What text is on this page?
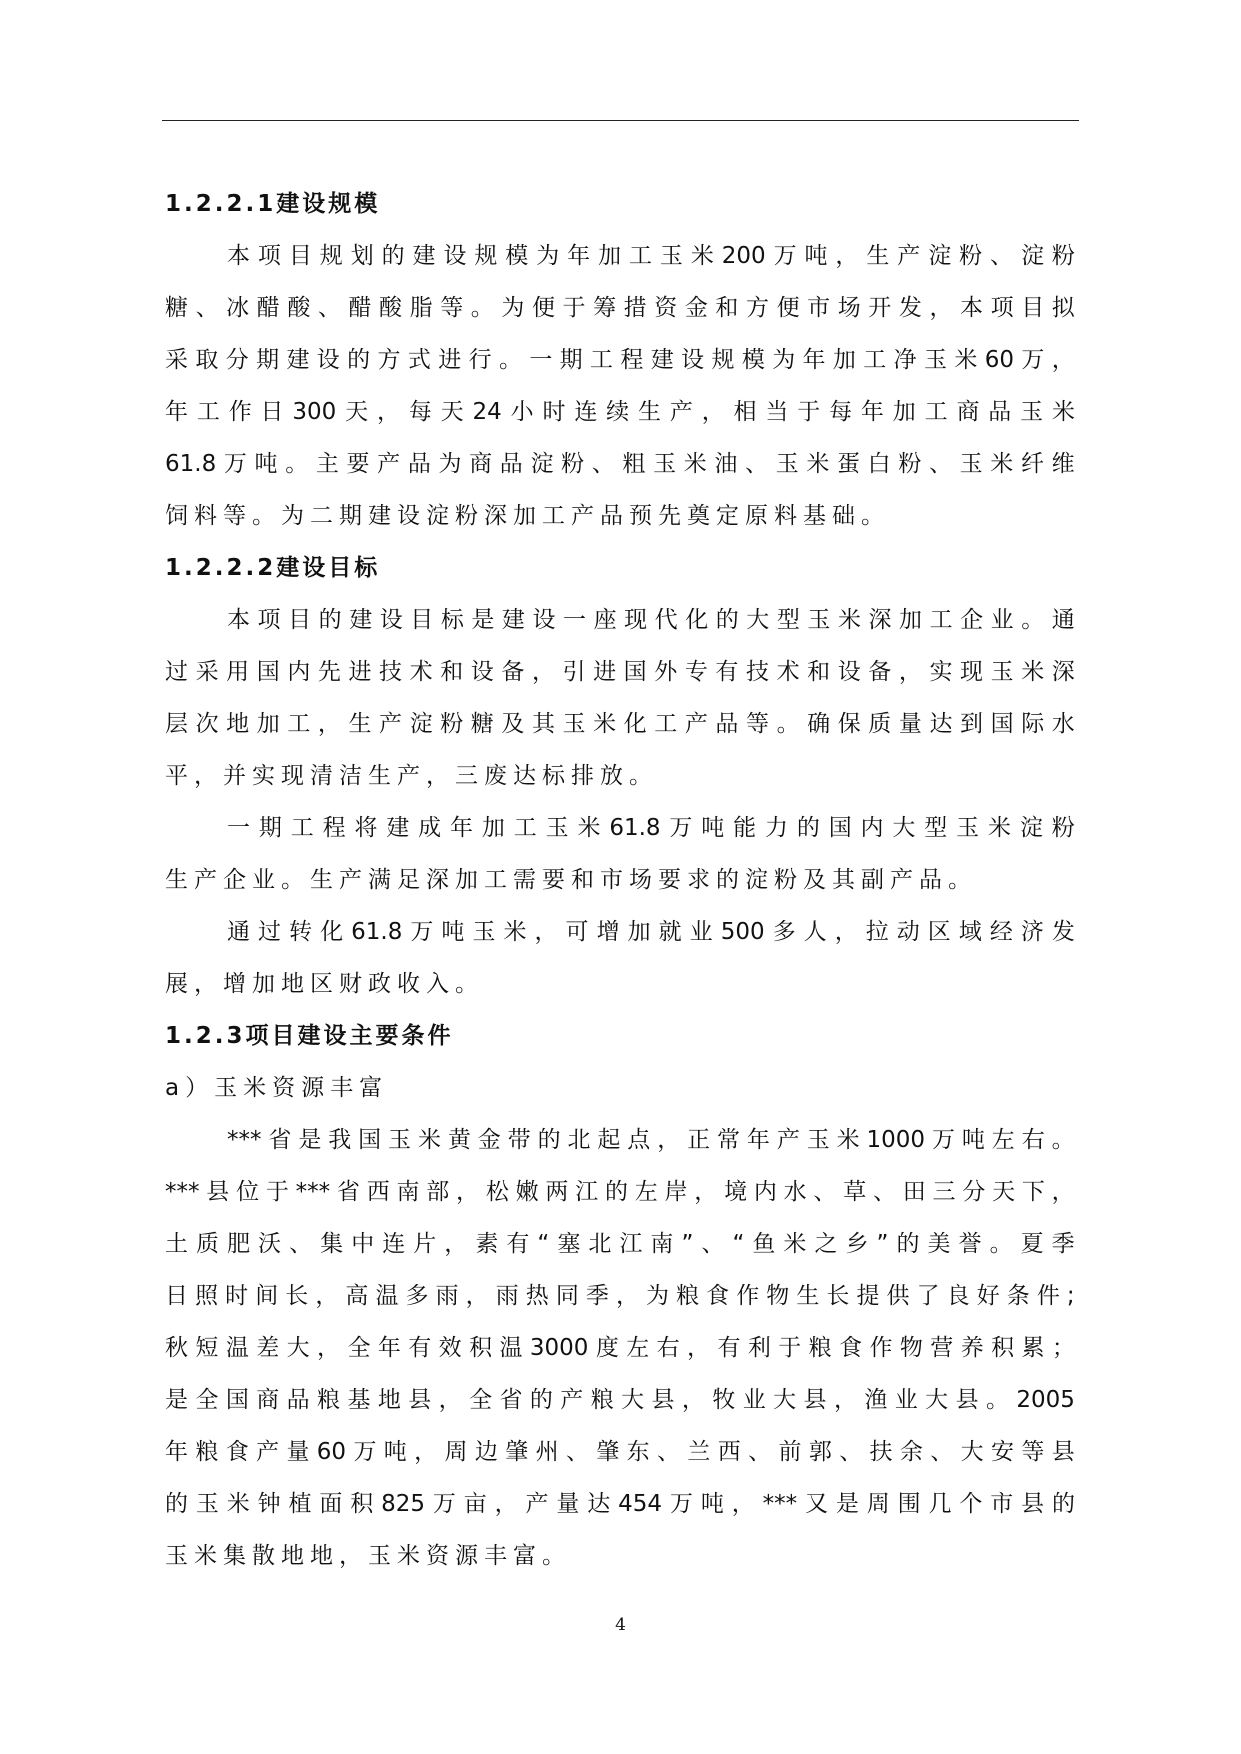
1.2.2.1建设规模
本 项 目 规 划 的 建 设 规 模 为 年 加 工 玉 米 200 万 吨 ， 生 产 淀 粉 、 淀 粉
糖 、 冰 醋 酸 、 醋 酸 脂 等 。 为 便 于 筹 措 资 金 和 方 便 市 场 开 发 ， 本 项 目 拟
采 取 分 期 建 设 的 方 式 进 行 。 一 期 工 程 建 设 规 模 为 年 加 工 净 玉 米 60 万 ，
年 工 作 日 300 天 ， 每 天 24 小 时 连 续 生 产 ， 相 当 于 每 年 加 工 商 品 玉 米
61.8 万 吨 。 主 要 产 品 为 商 品 淀 粉 、 粗 玉 米 油 、 玉 米 蛋 白 粉 、 玉 米 纤 维
饲 料 等 。 为 二 期 建 设 淀 粉 深 加 工 产 品 预 先 奠 定 原 料 基 础 。
1.2.2.2建设目标
本 项 目 的 建 设 目 标 是 建 设 一 座 现 代 化 的 大 型 玉 米 深 加 工 企 业 。 通
过 采 用 国 内 先 进 技 术 和 设 备 ， 引 进 国 外 专 有 技 术 和 设 备 ， 实 现 玉 米 深
层 次 地 加 工 ， 生 产 淀 粉 糖 及 其 玉 米 化 工 产 品 等 。 确 保 质 量 达 到 国 际 水
平 ， 并 实 现 清 洁 生 产 ， 三 废 达 标 排 放 。
一 期 工 程 将 建 成 年 加 工 玉 米 61.8 万 吨 能 力 的 国 内 大 型 玉 米 淀 粉
生 产 企 业 。 生 产 满 足 深 加 工 需 要 和 市 场 要 求 的 淀 粉 及 其 副 产 品 。
通 过 转 化 61.8 万 吨 玉 米 ， 可 增 加 就 业 500 多 人 ， 拉 动 区 域 经 济 发
展 ， 增 加 地 区 财 政 收 入 。
1.2.3项目建设主要条件
a ） 玉 米 资 源 丰 富
*** 省 是 我 国 玉 米 黄 金 带 的 北 起 点 ， 正 常 年 产 玉 米 1000 万 吨 左 右 。
*** 县 位 于 *** 省 西 南 部 ， 松 嫩 两 江 的 左 岸 ， 境 内 水 、 草 、 田 三 分 天 下 ，
土 质 肥 沃 、 集 中 连 片 ， 素 有 “ 塞 北 江 南 ” 、 “ 鱼 米 之 乡 ” 的 美 誉 。 夏 季
日 照 时 间 长 ， 高 温 多 雨 ， 雨 热 同 季 ， 为 粮 食 作 物 生 长 提 供 了 良 好 条 件 ;
秋 短 温 差 大 ， 全 年 有 效 积 温 3000 度 左 右 ， 有 利 于 粮 食 作 物 营 养 积 累 ；
是 全 国 商 品 粮 基 地 县 ， 全 省 的 产 粮 大 县 ， 牧 业 大 县 ， 渔 业 大 县 。 2005
年 粮 食 产 量 60 万 吨 ， 周 边 肇 州 、 肇 东 、 兰 西 、 前 郭 、 扶 余 、 大 安 等 县
的 玉 米 钟 植 面 积 825 万 亩 ， 产 量 达 454 万 吨 ， *** 又 是 周 围 几 个 市 县 的
玉 米 集 散 地 地 ， 玉 米 资 源 丰 富 。
4
